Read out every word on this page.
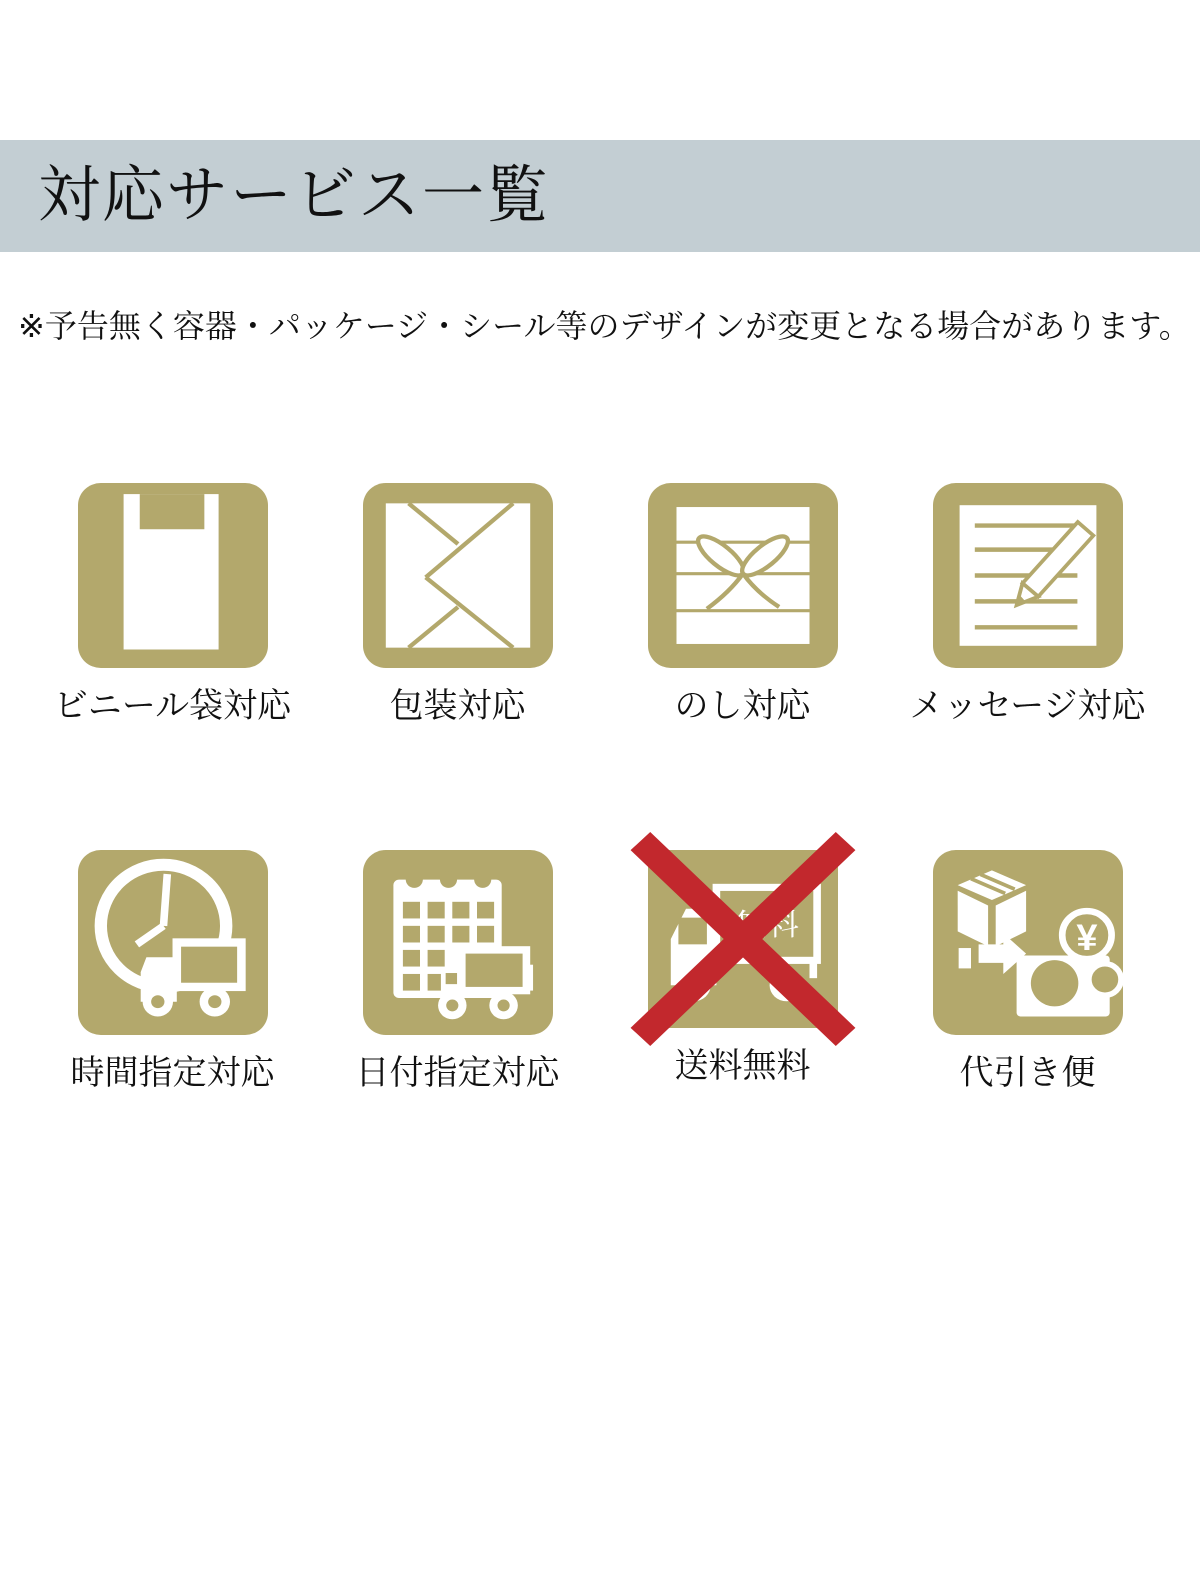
対応サービス一覧
※予告無く容器・パッケージ・シール等のデザインが変更となる場合があります。
ビニール袋対応	包装対応	のし対応	メッセージ対応
時間指定対応 日付指定対応
無料
送料無料
¥
代引き便
